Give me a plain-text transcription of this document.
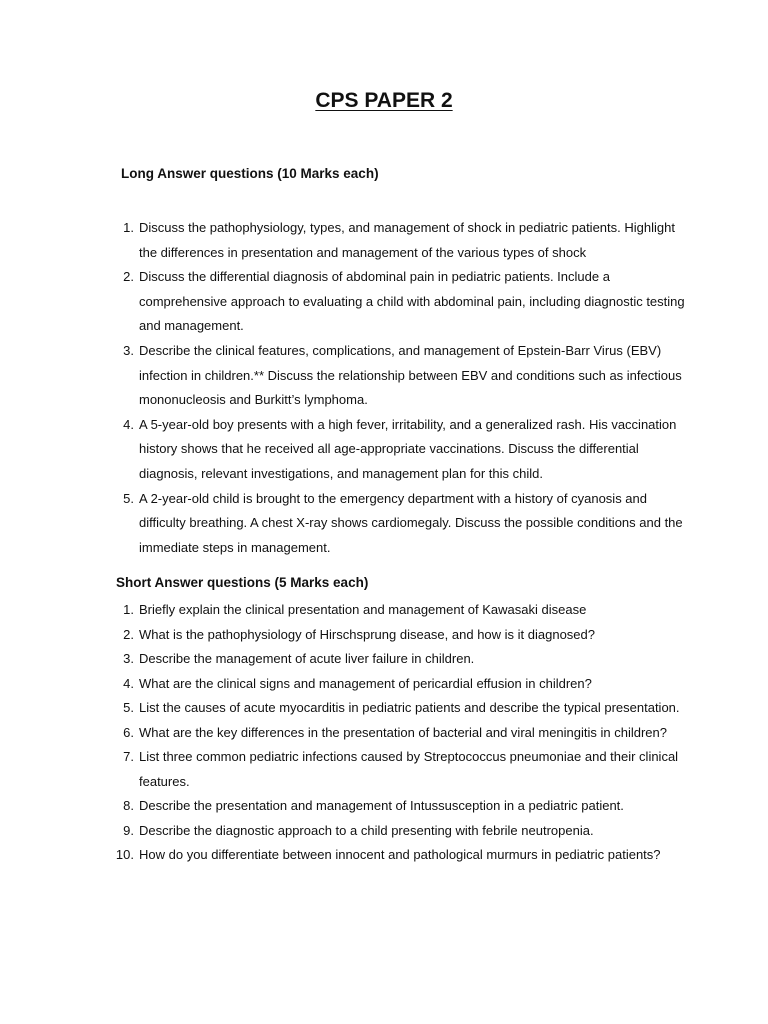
CPS PAPER 2
Long Answer questions (10 Marks each)
1. Discuss the pathophysiology, types, and management of shock in pediatric patients. Highlight the differences in presentation and management of the various types of shock
2. Discuss the differential diagnosis of abdominal pain in pediatric patients. Include a comprehensive approach to evaluating a child with abdominal pain, including diagnostic testing and management.
3. Describe the clinical features, complications, and management of Epstein-Barr Virus (EBV) infection in children.** Discuss the relationship between EBV and conditions such as infectious mononucleosis and Burkitt’s lymphoma.
4. A 5-year-old boy presents with a high fever, irritability, and a generalized rash. His vaccination history shows that he received all age-appropriate vaccinations. Discuss the differential diagnosis, relevant investigations, and management plan for this child.
5. A 2-year-old child is brought to the emergency department with a history of cyanosis and difficulty breathing. A chest X-ray shows cardiomegaly. Discuss the possible conditions and the immediate steps in management.
Short Answer questions (5 Marks each)
1. Briefly explain the clinical presentation and management of Kawasaki disease
2. What is the pathophysiology of Hirschsprung disease, and how is it diagnosed?
3. Describe the management of acute liver failure in children.
4. What are the clinical signs and management of pericardial effusion in children?
5. List the causes of acute myocarditis in pediatric patients and describe the typical presentation.
6. What are the key differences in the presentation of bacterial and viral meningitis in children?
7. List three common pediatric infections caused by Streptococcus pneumoniae and their clinical features.
8. Describe the presentation and management of Intussusception in a pediatric patient.
9. Describe the diagnostic approach to a child presenting with febrile neutropenia.
10. How do you differentiate between innocent and pathological murmurs in pediatric patients?
